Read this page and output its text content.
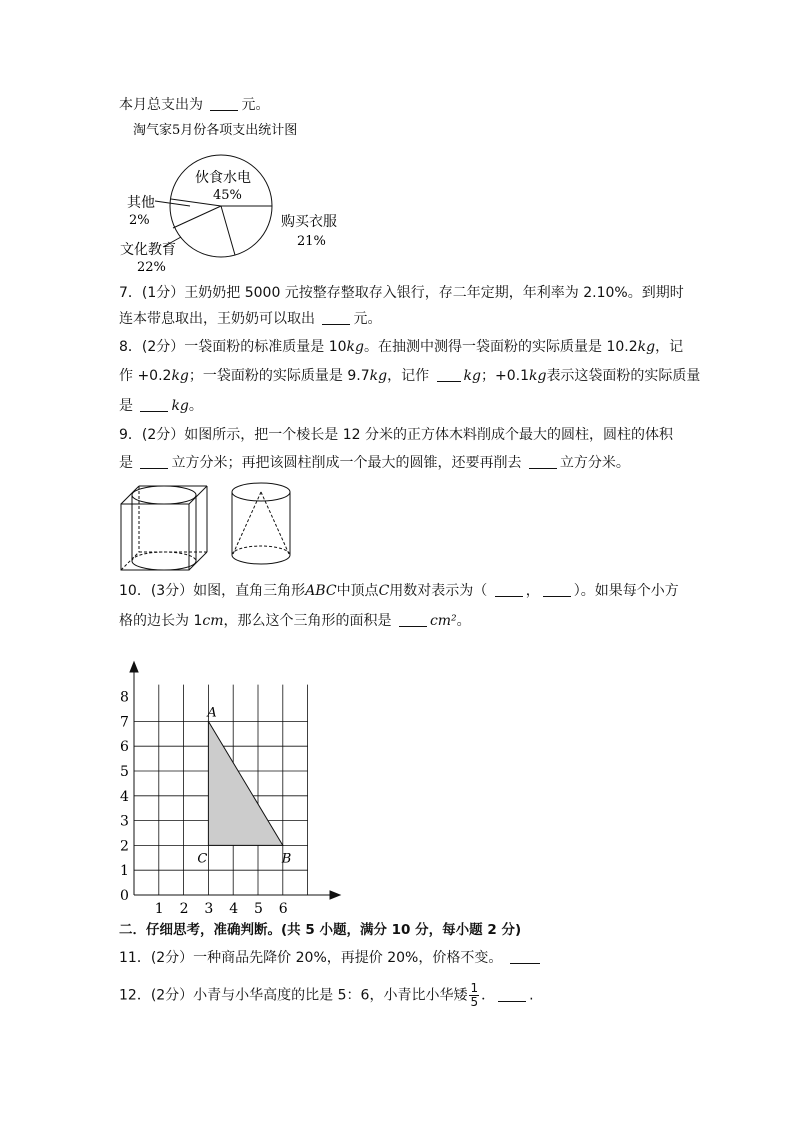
本月总支出为	元。
淘气家5月份各项支出统计图
伙食水电
45%
购买衣服
21%
文化教育
22%
其他
2%
7．(1分）王奶奶把 5000 元按整存整取存入银行，存二年定期，年利率为 2.10%。到期时
连本带息取出，王奶奶可以取出	元。
8．(2分）一袋面粉的标准质量是 10kg。在抽测中测得一袋面粉的实际质量是 10.2kg，记
作 +0.2kg；一袋面粉的实际质量是 9.7kg，记作 kg；+0.1kg表示这袋面粉的实际质量
是	kg。
9．(2分）如图所示，把一个棱长是 12 分米的正方体木料削成个最大的圆柱，圆柱的体积
是	立方分米；再把该圆柱削成一个最大的圆锥，还要再削去	立方分米。
10．(3分）如图，直角三角形ABC中顶点C用数对表示为（	， ）。如果每个小方
格的边长为 1cm，那么这个三角形的面积是	cm²。
0
1
2
3
4
5
6
7
8
1 2 3 4 5 6
A
B
C
二．仔细思考，准确判断。(共 5 小题，满分 10 分，每小题 2 分)
11．(2分）一种商品先降价 20%，再提价 20%，价格不变。
12．(2分）小青与小华高度的比是 5：6，小青比小华矮 $\frac{1}{5}$ ． .
